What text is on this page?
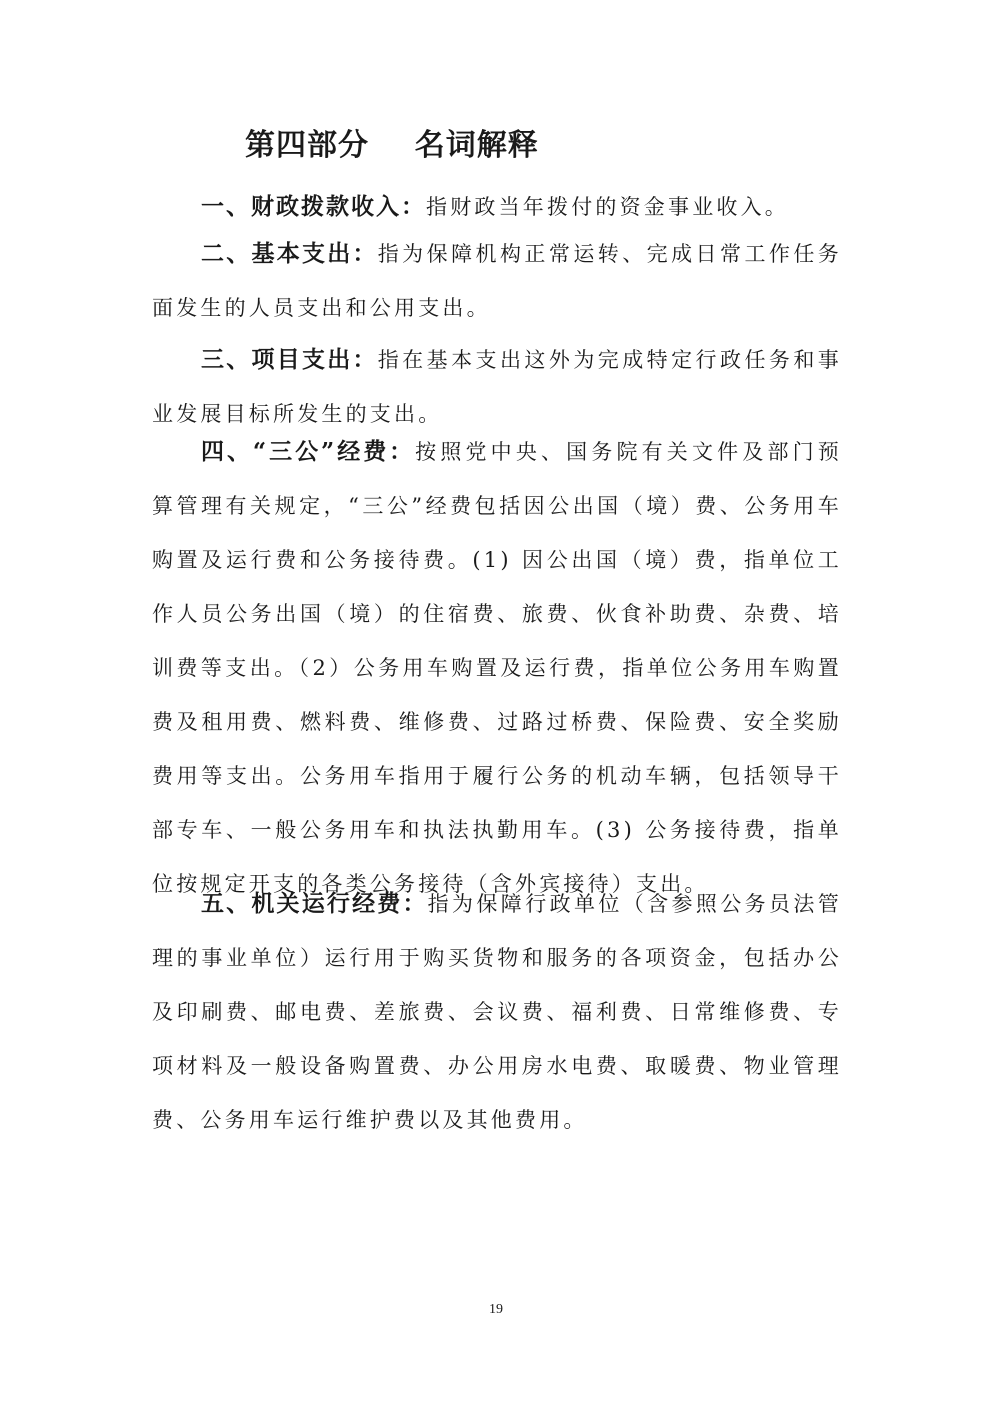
第四部分    名词解释

一、财政拨款收入：指财政当年拨付的资金事业收入。

二、基本支出：指为保障机构正常运转、完成日常工作任务面发生的人员支出和公用支出。

三、项目支出：指在基本支出这外为完成特定行政任务和事业发展目标所发生的支出。

四、“三公”经费：按照党中央、国务院有关文件及部门预算管理有关规定，“三公”经费包括因公出国（境）费、公务用车购置及运行费和公务接待费。(1) 因公出国（境）费，指单位工作人员公务出国（境）的住宿费、旅费、伙食补助费、杂费、培训费等支出。（2）公务用车购置及运行费，指单位公务用车购置费及租用费、燃料费、维修费、过路过桥费、保险费、安全奖励费用等支出。公务用车指用于履行公务的机动车辆，包括领导干部专车、一般公务用车和执法执勤用车。(3) 公务接待费，指单位按规定开支的各类公务接待（含外宾接待）支出。

五、机关运行经费：指为保障行政单位（含参照公务员法管理的事业单位）运行用于购买货物和服务的各项资金，包括办公及印刷费、邮电费、差旅费、会议费、福利费、日常维修费、专项材料及一般设备购置费、办公用房水电费、取暖费、物业管理费、公务用车运行维护费以及其他费用。

19
